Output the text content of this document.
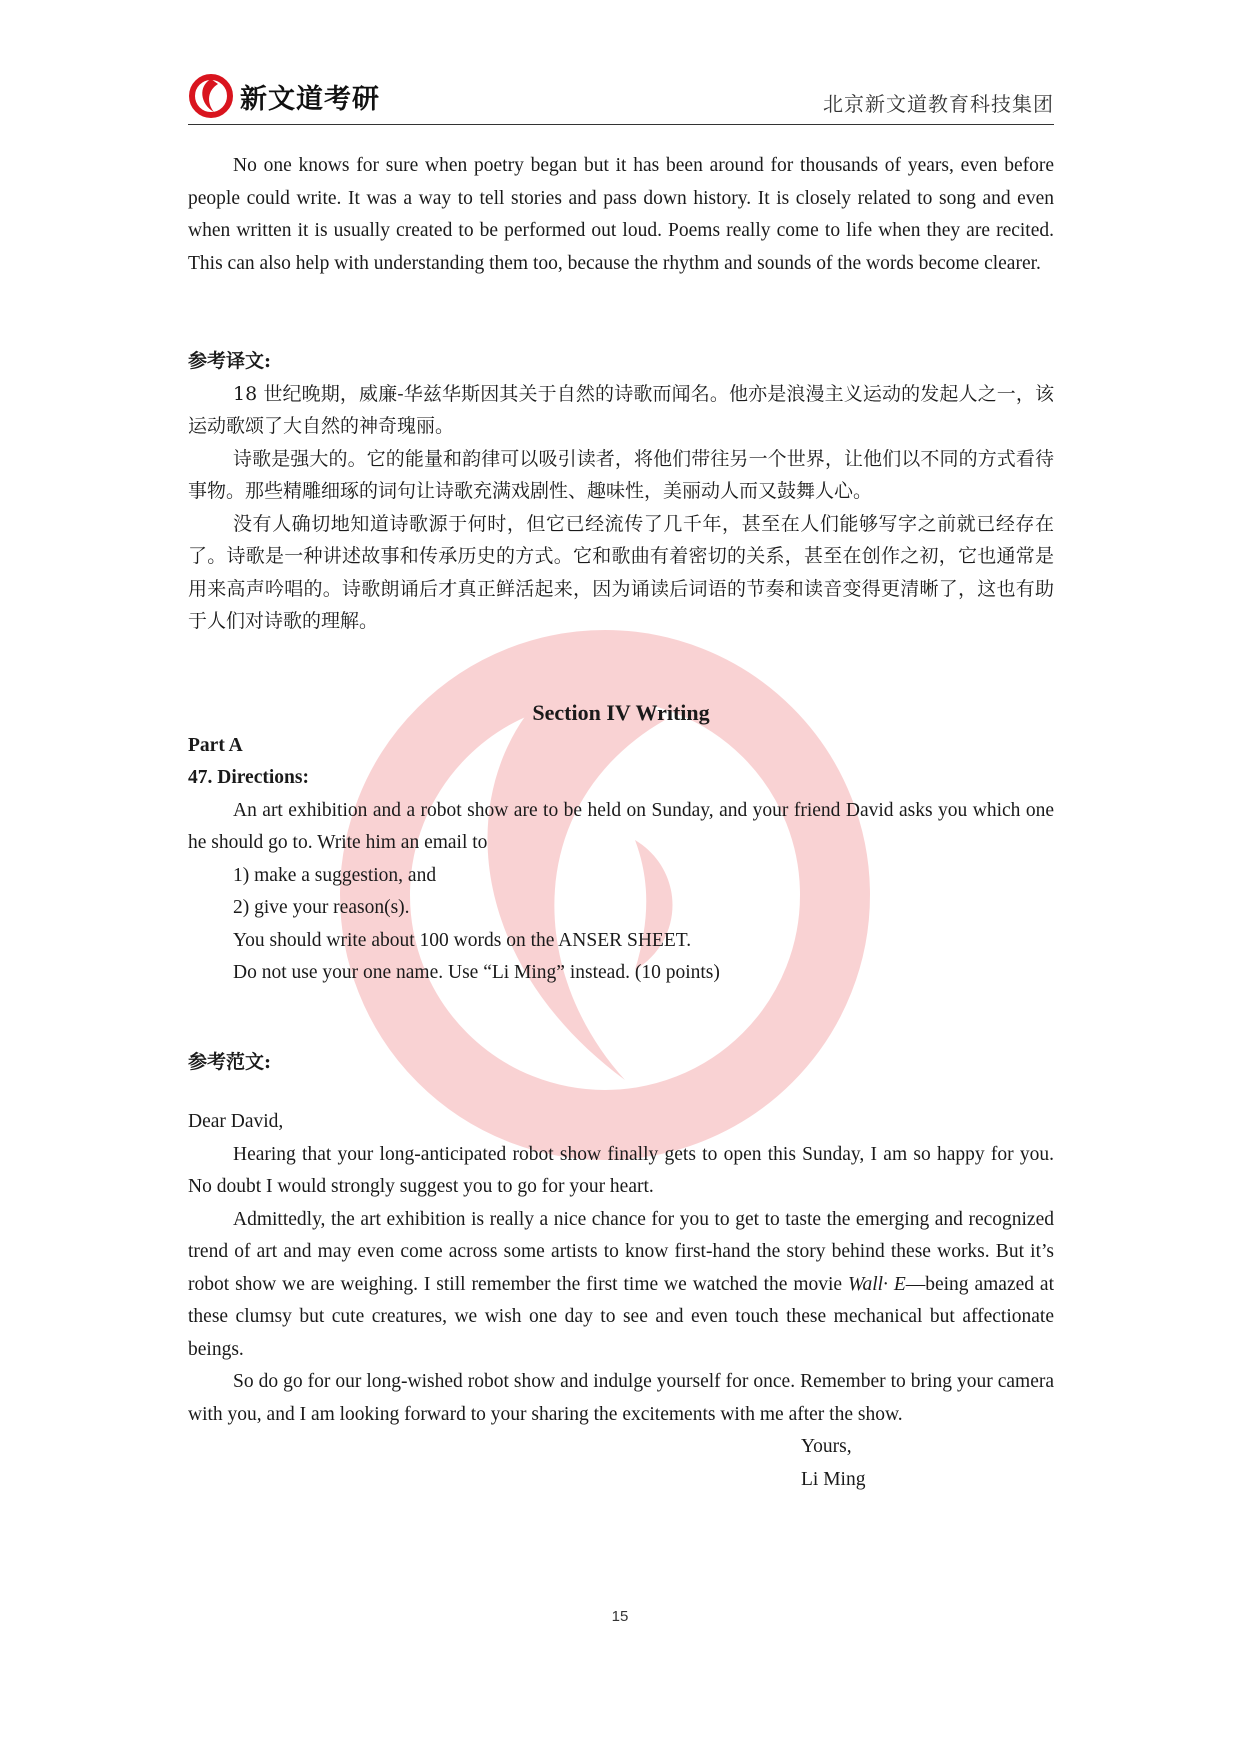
新文道考研	北京新文道教育科技集团

No one knows for sure when poetry began but it has been around for thousands of years, even before people could write. It was a way to tell stories and pass down history. It is closely related to song and even when written it is usually created to be performed out loud. Poems really come to life when they are recited. This can also help with understanding them too, because the rhythm and sounds of the words become clearer.

参考译文:

18 世纪晚期，威廉-华兹华斯因其关于自然的诗歌而闻名。他亦是浪漫主义运动的发起人之一，该运动歌颂了大自然的神奇瑰丽。

诗歌是强大的。它的能量和韵律可以吸引读者，将他们带往另一个世界，让他们以不同的方式看待事物。那些精雕细琢的词句让诗歌充满戏剧性、趣味性，美丽动人而又鼓舞人心。

没有人确切地知道诗歌源于何时，但它已经流传了几千年，甚至在人们能够写字之前就已经存在了。诗歌是一种讲述故事和传承历史的方式。它和歌曲有着密切的关系，甚至在创作之初，它也通常是用来高声吟唱的。诗歌朗诵后才真正鲜活起来，因为诵读后词语的节奏和读音变得更清晰了，这也有助于人们对诗歌的理解。

Section IV Writing

Part A

47. Directions:

An art exhibition and a robot show are to be held on Sunday, and your friend David asks you which one he should go to. Write him an email to

1) make a suggestion, and

2) give your reason(s).

You should write about 100 words on the ANSER SHEET.

Do not use your one name. Use “Li Ming” instead. (10 points)

参考范文:

Dear David,

Hearing that your long-anticipated robot show finally gets to open this Sunday, I am so happy for you. No doubt I would strongly suggest you to go for your heart.

Admittedly, the art exhibition is really a nice chance for you to get to taste the emerging and recognized trend of art and may even come across some artists to know first-hand the story behind these works. But it’s robot show we are weighing. I still remember the first time we watched the movie Wall· E—being amazed at these clumsy but cute creatures, we wish one day to see and even touch these mechanical but affectionate beings.

So do go for our long-wished robot show and indulge yourself for once. Remember to bring your camera with you, and I am looking forward to your sharing the excitements with me after the show.

Yours,

Li Ming

15
